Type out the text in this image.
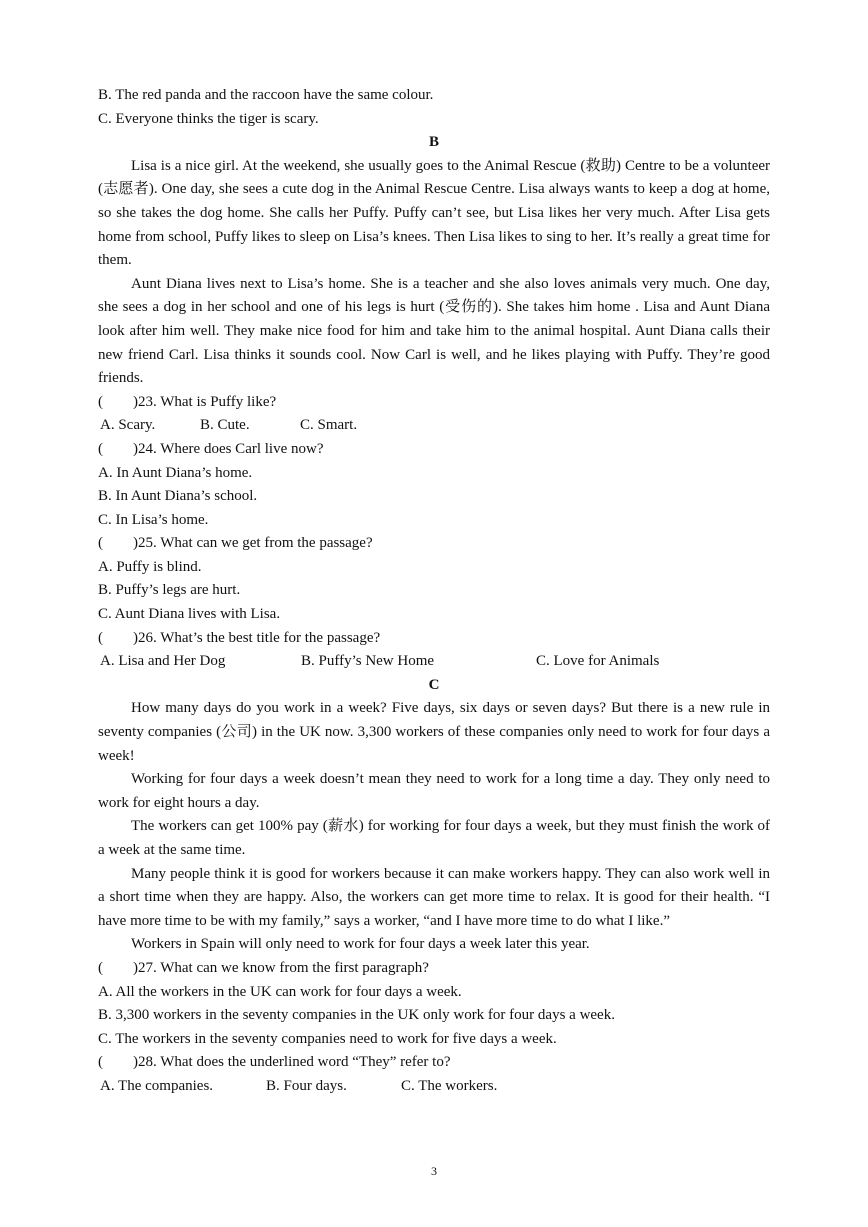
B. The red panda and the raccoon have the same colour.

C. Everyone thinks the tiger is scary.

B

Lisa is a nice girl. At the weekend, she usually goes to the Animal Rescue (救助) Centre to be a volunteer (志愿者). One day, she sees a cute dog in the Animal Rescue Centre. Lisa always wants to keep a dog at home, so she takes the dog home. She calls her Puffy. Puffy can’t see, but Lisa likes her very much. After Lisa gets home from school, Puffy likes to sleep on Lisa’s knees. Then Lisa likes to sing to her. It’s really a great time for them.

Aunt Diana lives next to Lisa’s home. She is a teacher and she also loves animals very much. One day, she sees a dog in her school and one of his legs is hurt (受伤的). She takes him home . Lisa and Aunt Diana look after him well. They make nice food for him and take him to the animal hospital. Aunt Diana calls their new friend Carl. Lisa thinks it sounds cool. Now Carl is well, and he likes playing with Puffy. They’re good friends.

(　　)23. What is Puffy like?

A. Scary.	B. Cute.	C. Smart.

(　　)24. Where does Carl live now?

A. In Aunt Diana’s home.

B. In Aunt Diana’s school.

C. In Lisa’s home.

(　　)25. What can we get from the passage?

A. Puffy is blind.

B. Puffy’s legs are hurt.

C. Aunt Diana lives with Lisa.

(　　)26. What’s the best title for the passage?

A. Lisa and Her Dog	B. Puffy’s New Home	C. Love for Animals

C

How many days do you work in a week? Five days, six days or seven days? But there is a new rule in seventy companies (公司) in the UK now. 3,300 workers of these companies only need to work for four days a week!

Working for four days a week doesn’t mean they need to work for a long time a day. They only need to work for eight hours a day.

The workers can get 100% pay (薪水) for working for four days a week, but they must finish the work of a week at the same time.

Many people think it is good for workers because it can make workers happy. They can also work well in a short time when they are happy. Also, the workers can get more time to relax. It is good for their health. “I have more time to be with my family,” says a worker, “and I have more time to do what I like.”

Workers in Spain will only need to work for four days a week later this year.

(　　)27. What can we know from the first paragraph?

A. All the workers in the UK can work for four days a week.

B. 3,300 workers in the seventy companies in the UK only work for four days a week.

C. The workers in the seventy companies need to work for five days a week.

(　　)28. What does the underlined word “They” refer to?

A. The companies.	B. Four days.	C. The workers.
3
